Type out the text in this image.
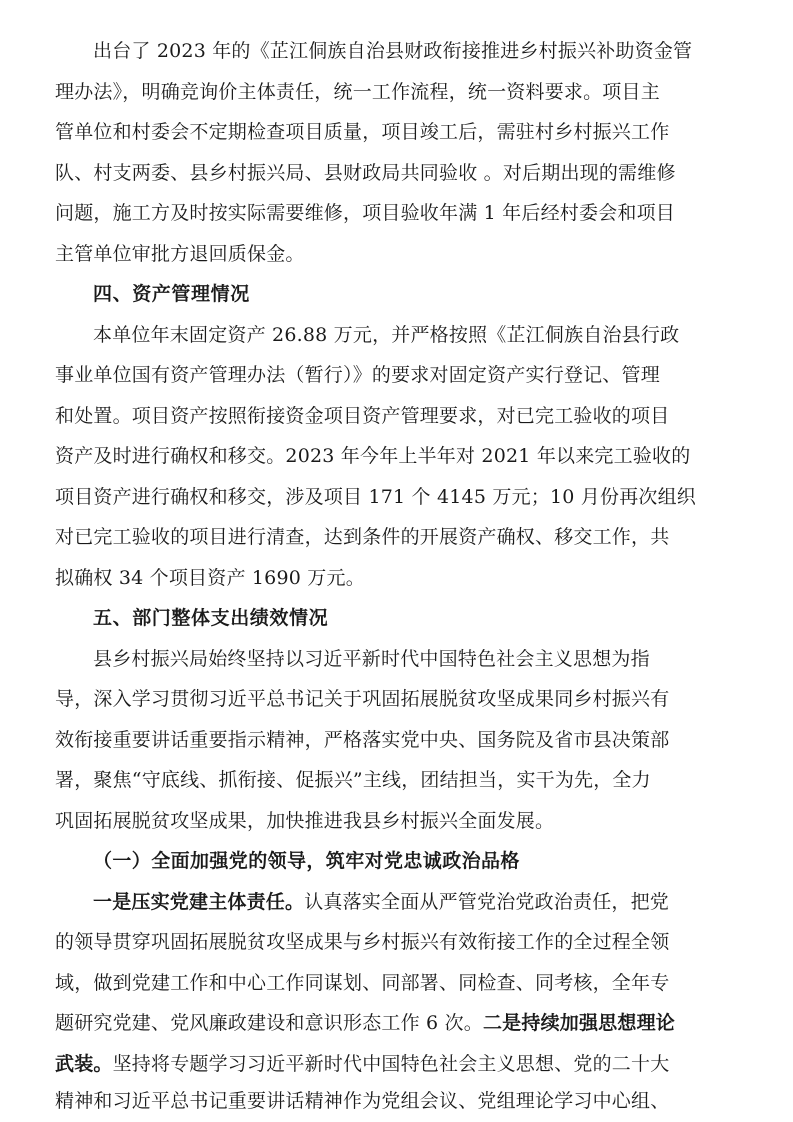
出台了 2023 年的《芷江侗族自治县财政衔接推进乡村振兴补助资金管
理办法》，明确竞询价主体责任，统一工作流程，统一资料要求。项目主
管单位和村委会不定期检查项目质量，项目竣工后，需驻村乡村振兴工作
队、村支两委、县乡村振兴局、县财政局共同验收 。对后期出现的需维修
问题，施工方及时按实际需要维修，项目验收年满 1 年后经村委会和项目
主管单位审批方退回质保金。
四、资产管理情况
本单位年末固定资产 26.88 万元，并严格按照《芷江侗族自治县行政
事业单位国有资产管理办法（暂行）》的要求对固定资产实行登记、管理
和处置。项目资产按照衔接资金项目资产管理要求，对已完工验收的项目
资产及时进行确权和移交。2023 年今年上半年对 2021 年以来完工验收的
项目资产进行确权和移交，涉及项目 171 个 4145 万元；10 月份再次组织
对已完工验收的项目进行清查，达到条件的开展资产确权、移交工作，共
拟确权 34 个项目资产 1690 万元。
五、部门整体支出绩效情况
县乡村振兴局始终坚持以习近平新时代中国特色社会主义思想为指
导，深入学习贯彻习近平总书记关于巩固拓展脱贫攻坚成果同乡村振兴有
效衔接重要讲话重要指示精神，严格落实党中央、国务院及省市县决策部
署，聚焦“守底线、抓衔接、促振兴”主线，团结担当，实干为先，全力
巩固拓展脱贫攻坚成果，加快推进我县乡村振兴全面发展。
（一）全面加强党的领导，筑牢对党忠诚政治品格
一是压实党建主体责任。认真落实全面从严管党治党政治责任，把党
的领导贯穿巩固拓展脱贫攻坚成果与乡村振兴有效衔接工作的全过程全领
域，做到党建工作和中心工作同谋划、同部署、同检查、同考核，全年专
题研究党建、党风廉政建设和意识形态工作 6 次。二是持续加强思想理论
武装。坚持将专题学习习近平新时代中国特色社会主义思想、党的二十大
精神和习近平总书记重要讲话精神作为党组会议、党组理论学习中心组、
